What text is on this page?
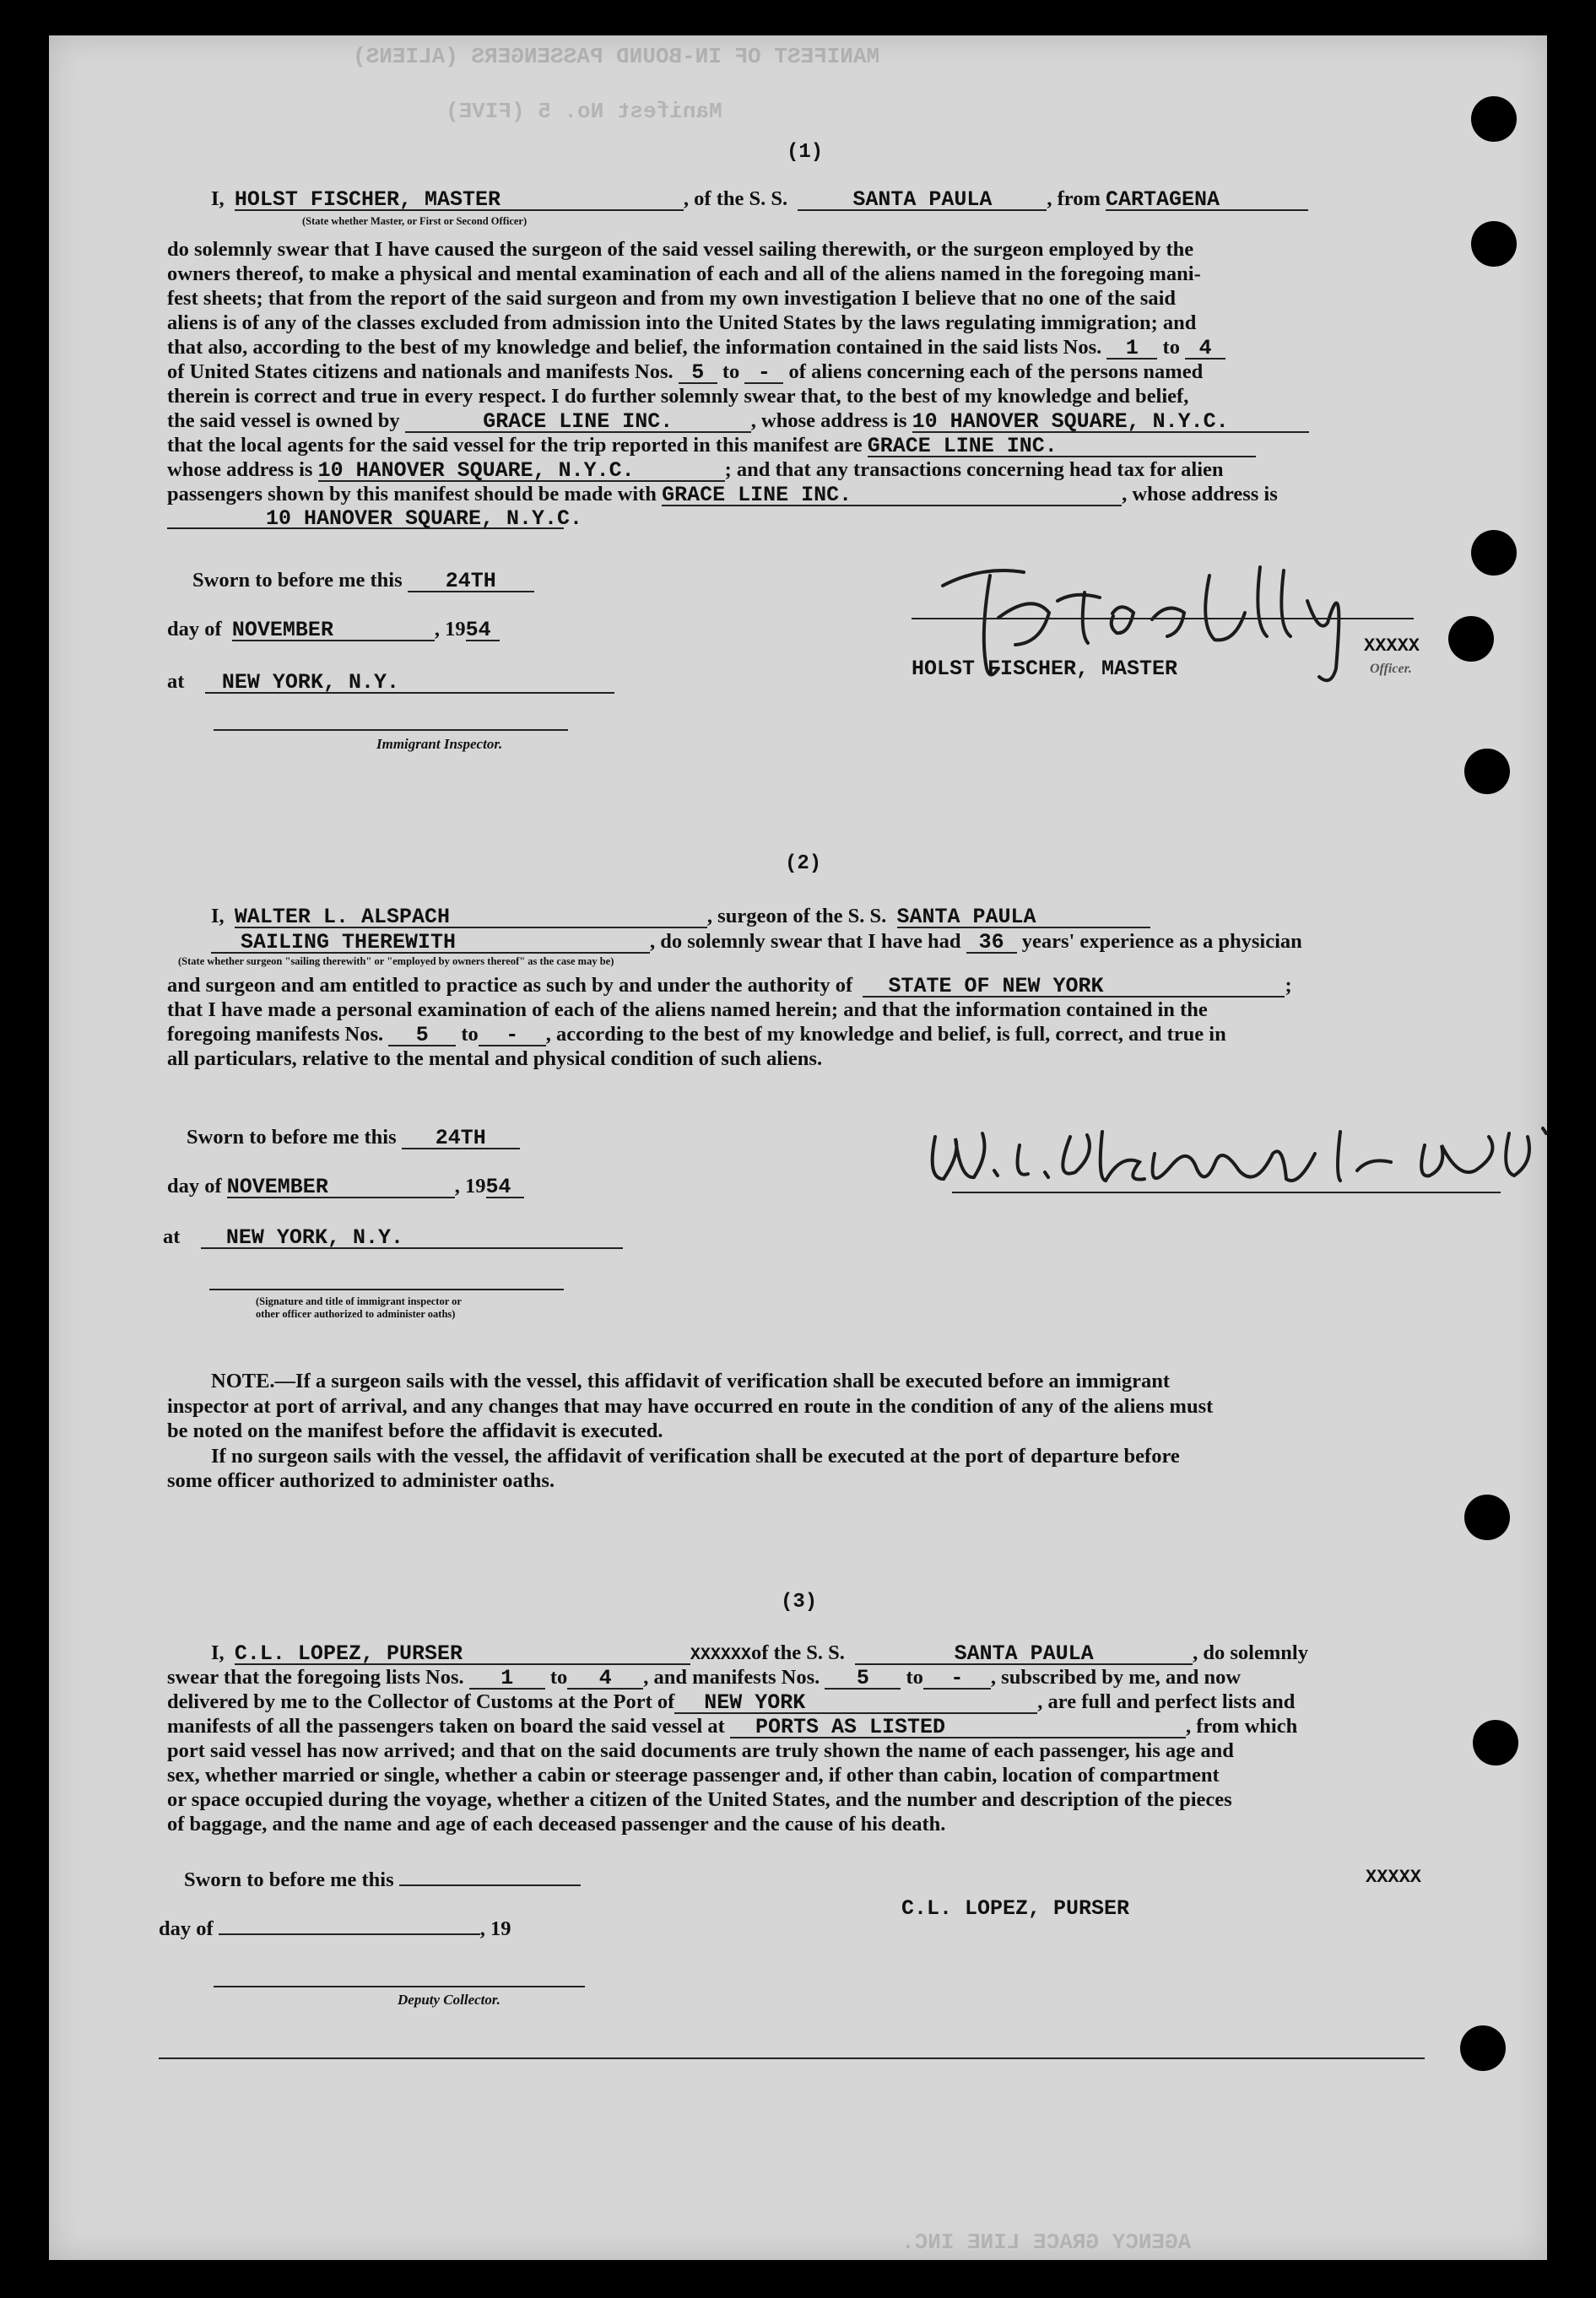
MANIFEST OF IN-BOUND PASSENGERS (ALIENS)
Manifest No. 5 (FIVE)
(1)
I,  HOLST FISCHER, MASTER	, of the S. S.	SANTA PAULA	, from CARTAGENA
(State whether Master, or First or Second Officer)
do solemnly swear that I have caused the surgeon of the said vessel sailing therewith, or the surgeon employed by the
owners thereof, to make a physical and mental examination of each and all of the aliens named in the foregoing mani-
fest sheets; that from the report of the said surgeon and from my own investigation I believe that no one of the said
aliens is of any of the classes excluded from admission into the United States by the laws regulating immigration; and
that also, according to the best of my knowledge and belief, the information contained in the said lists Nos. 1 to 4
of United States citizens and nationals and manifests Nos. 5 to - of aliens concerning each of the persons named
therein is correct and true in every respect. I do further solemnly swear that, to the best of my knowledge and belief,
the said vessel is owned by	GRACE LINE INC.	, whose address is 10 HANOVER SQUARE, N.Y.C.
that the local agents for the said vessel for the trip reported in this manifest are GRACE LINE INC.
whose address is 10 HANOVER SQUARE, N.Y.C.	; and that any transactions concerning head tax for alien
passengers shown by this manifest should be made with GRACE LINE INC.	, whose address is
10 HANOVER SQUARE, N.Y.C.
Sworn to before me this 24TH
day of NOVEMBER	, 1954
at NEW YORK, N.Y.
Immigrant Inspector.
HOLST FISCHER, MASTER
XXXXX
Officer.
(2)
I, WALTER L. ALSPACH	, surgeon of the S. S. SANTA PAULA
SAILING THEREWITH	, do solemnly swear that I have had 36 years' experience as a physician
(State whether surgeon "sailing therewith" or "employed by owners thereof" as the case may be)
and surgeon and am entitled to practice as such by and under the authority of STATE OF NEW YORK	;
that I have made a personal examination of each of the aliens named herein; and that the information contained in the
foregoing manifests Nos. 5 to - , according to the best of my knowledge and belief, is full, correct, and true in
all particulars, relative to the mental and physical condition of such aliens.
Sworn to before me this 24TH
day of NOVEMBER	, 1954
at NEW YORK, N.Y.
(Signature and title of immigrant inspector or
other officer authorized to administer oaths)
NOTE.—If a surgeon sails with the vessel, this affidavit of verification shall be executed before an immigrant
inspector at port of arrival, and any changes that may have occurred en route in the condition of any of the aliens must
be noted on the manifest before the affidavit is executed.
If no surgeon sails with the vessel, the affidavit of verification shall be executed at the port of departure before
some officer authorized to administer oaths.
(3)
I, C.L. LOPEZ, PURSER	XXXXXXof the S. S.	SANTA PAULA	, do solemnly
swear that the foregoing lists Nos. 1 to 4 , and manifests Nos. 5 to - , subscribed by me, and now
delivered by me to the Collector of Customs at the Port of NEW YORK	, are full and perfect lists and
manifests of all the passengers taken on board the said vessel at PORTS AS LISTED	, from which
port said vessel has now arrived; and that on the said documents are truly shown the name of each passenger, his age and
sex, whether married or single, whether a cabin or steerage passenger and, if other than cabin, location of compartment
or space occupied during the voyage, whether a citizen of the United States, and the number and description of the pieces
of baggage, and the name and age of each deceased passenger and the cause of his death.
Sworn to before me this
day of	, 19
Deputy Collector.
XXXXX
C.L. LOPEZ, PURSER
AGENCY GRACE LINE INC.
